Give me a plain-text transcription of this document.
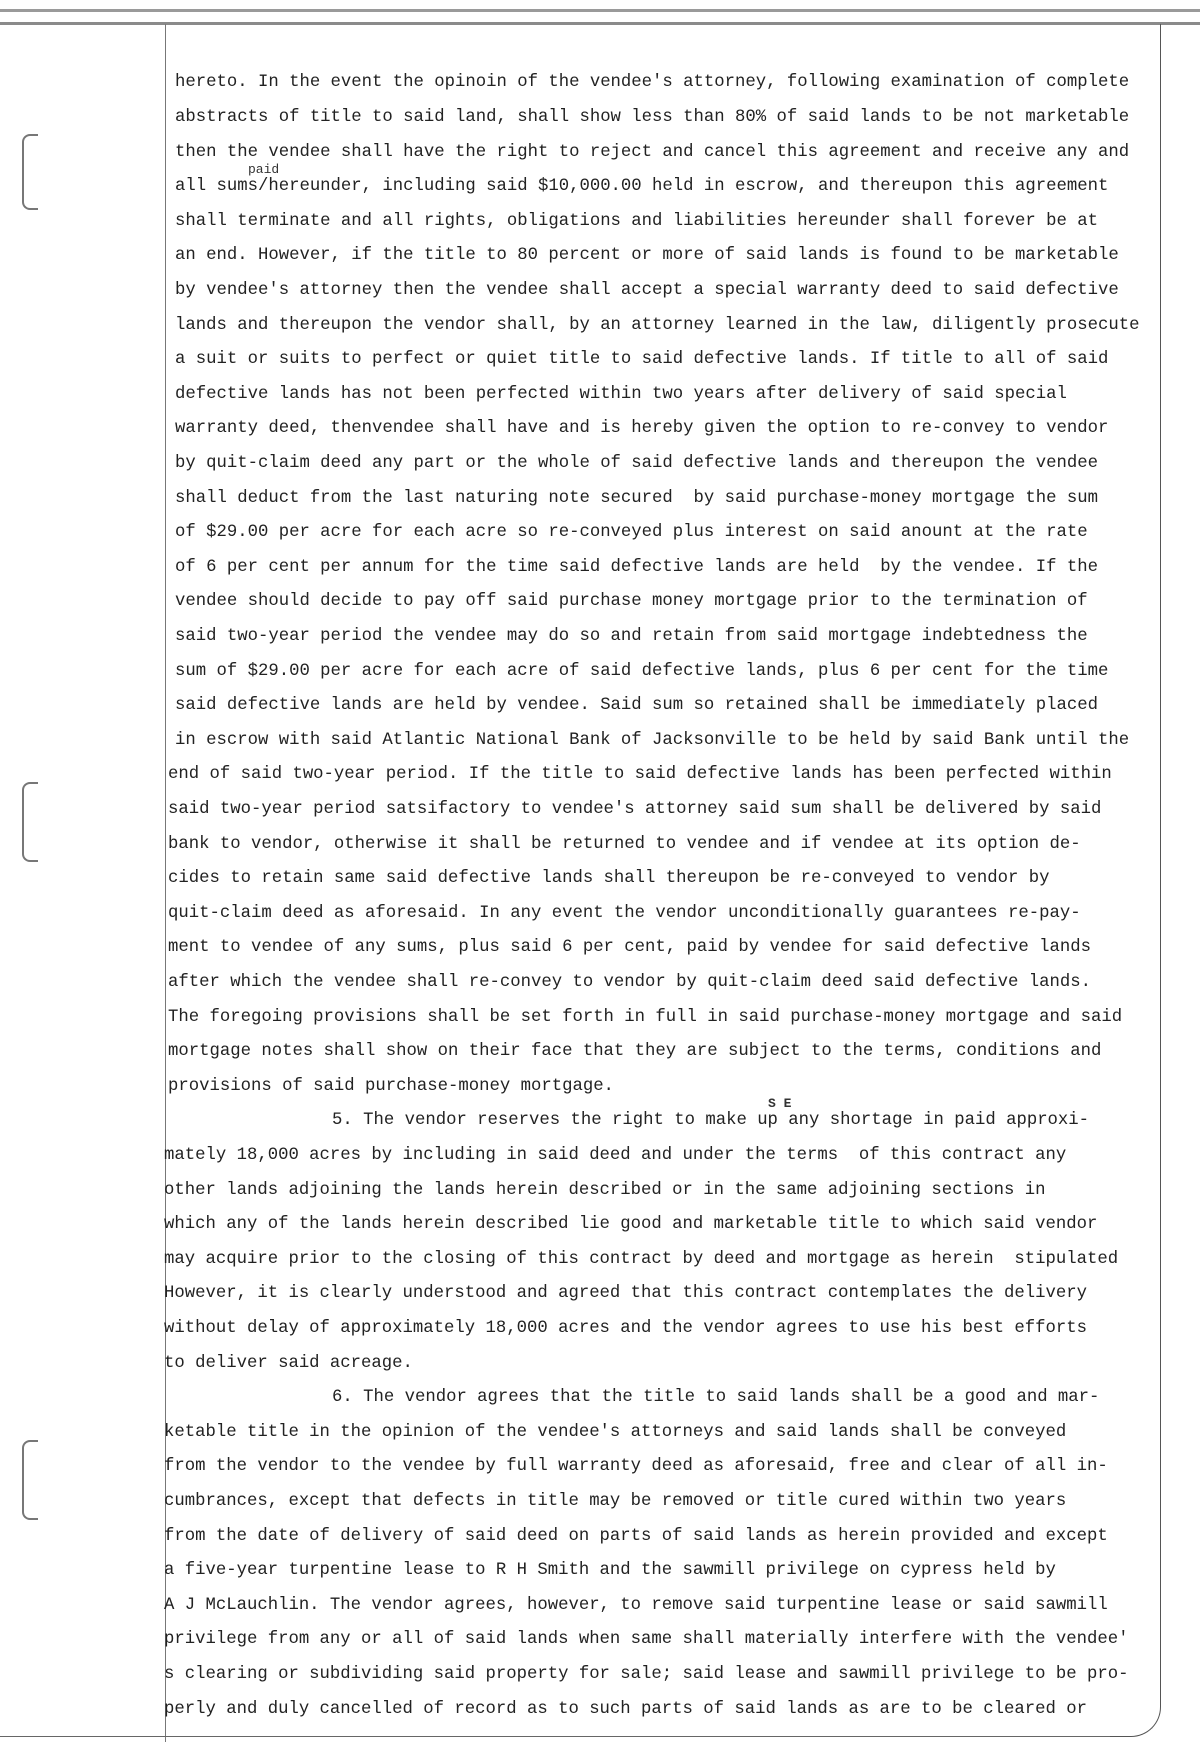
paid
S E
hereto. In the event the opinoin of the vendee's attorney, following examination of complete
abstracts of title to said land, shall show less than 80% of said lands to be not marketable
then the vendee shall have the right to reject and cancel this agreement and receive any and
all sums/hereunder, including said $10,000.00 held in escrow, and thereupon this agreement
shall terminate and all rights, obligations and liabilities hereunder shall forever be at
an end. However, if the title to 80 percent or more of said lands is found to be marketable
by vendee's attorney then the vendee shall accept a special warranty deed to said defective
lands and thereupon the vendor shall, by an attorney learned in the law, diligently prosecute
a suit or suits to perfect or quiet title to said defective lands. If title to all of said
defective lands has not been perfected within two years after delivery of said special
warranty deed, thenvendee shall have and is hereby given the option to re-convey to vendor
by quit-claim deed any part or the whole of said defective lands and thereupon the vendee
shall deduct from the last naturing note secured  by said purchase-money mortgage the sum
of $29.00 per acre for each acre so re-conveyed plus interest on said anount at the rate
of 6 per cent per annum for the time said defective lands are held  by the vendee. If the
vendee should decide to pay off said purchase money mortgage prior to the termination of
said two-year period the vendee may do so and retain from said mortgage indebtedness the
sum of $29.00 per acre for each acre of said defective lands, plus 6 per cent for the time
said defective lands are held by vendee. Said sum so retained shall be immediately placed
in escrow with said Atlantic National Bank of Jacksonville to be held by said Bank until the
end of said two-year period. If the title to said defective lands has been perfected within
said two-year period satsifactory to vendee's attorney said sum shall be delivered by said
bank to vendor, otherwise it shall be returned to vendee and if vendee at its option de-
cides to retain same said defective lands shall thereupon be re-conveyed to vendor by
quit-claim deed as aforesaid. In any event the vendor unconditionally guarantees re-pay-
ment to vendee of any sums, plus said 6 per cent, paid by vendee for said defective lands
after which the vendee shall re-convey to vendor by quit-claim deed said defective lands.
The foregoing provisions shall be set forth in full in said purchase-money mortgage and said
mortgage notes shall show on their face that they are subject to the terms, conditions and
provisions of said purchase-money mortgage.
5. The vendor reserves the right to make up any shortage in paid approxi-
mately 18,000 acres by including in said deed and under the terms  of this contract any
other lands adjoining the lands herein described or in the same adjoining sections in
which any of the lands herein described lie good and marketable title to which said vendor
may acquire prior to the closing of this contract by deed and mortgage as herein  stipulated
However, it is clearly understood and agreed that this contract contemplates the delivery
without delay of approximately 18,000 acres and the vendor agrees to use his best efforts
to deliver said acreage.
6. The vendor agrees that the title to said lands shall be a good and mar-
ketable title in the opinion of the vendee's attorneys and said lands shall be conveyed
from the vendor to the vendee by full warranty deed as aforesaid, free and clear of all in-
cumbrances, except that defects in title may be removed or title cured within two years
from the date of delivery of said deed on parts of said lands as herein provided and except
a five-year turpentine lease to R H Smith and the sawmill privilege on cypress held by
A J McLauchlin. The vendor agrees, however, to remove said turpentine lease or said sawmill
privilege from any or all of said lands when same shall materially interfere with the vendee'
s clearing or subdividing said property for sale; said lease and sawmill privilege to be pro-
perly and duly cancelled of record as to such parts of said lands as are to be cleared or
